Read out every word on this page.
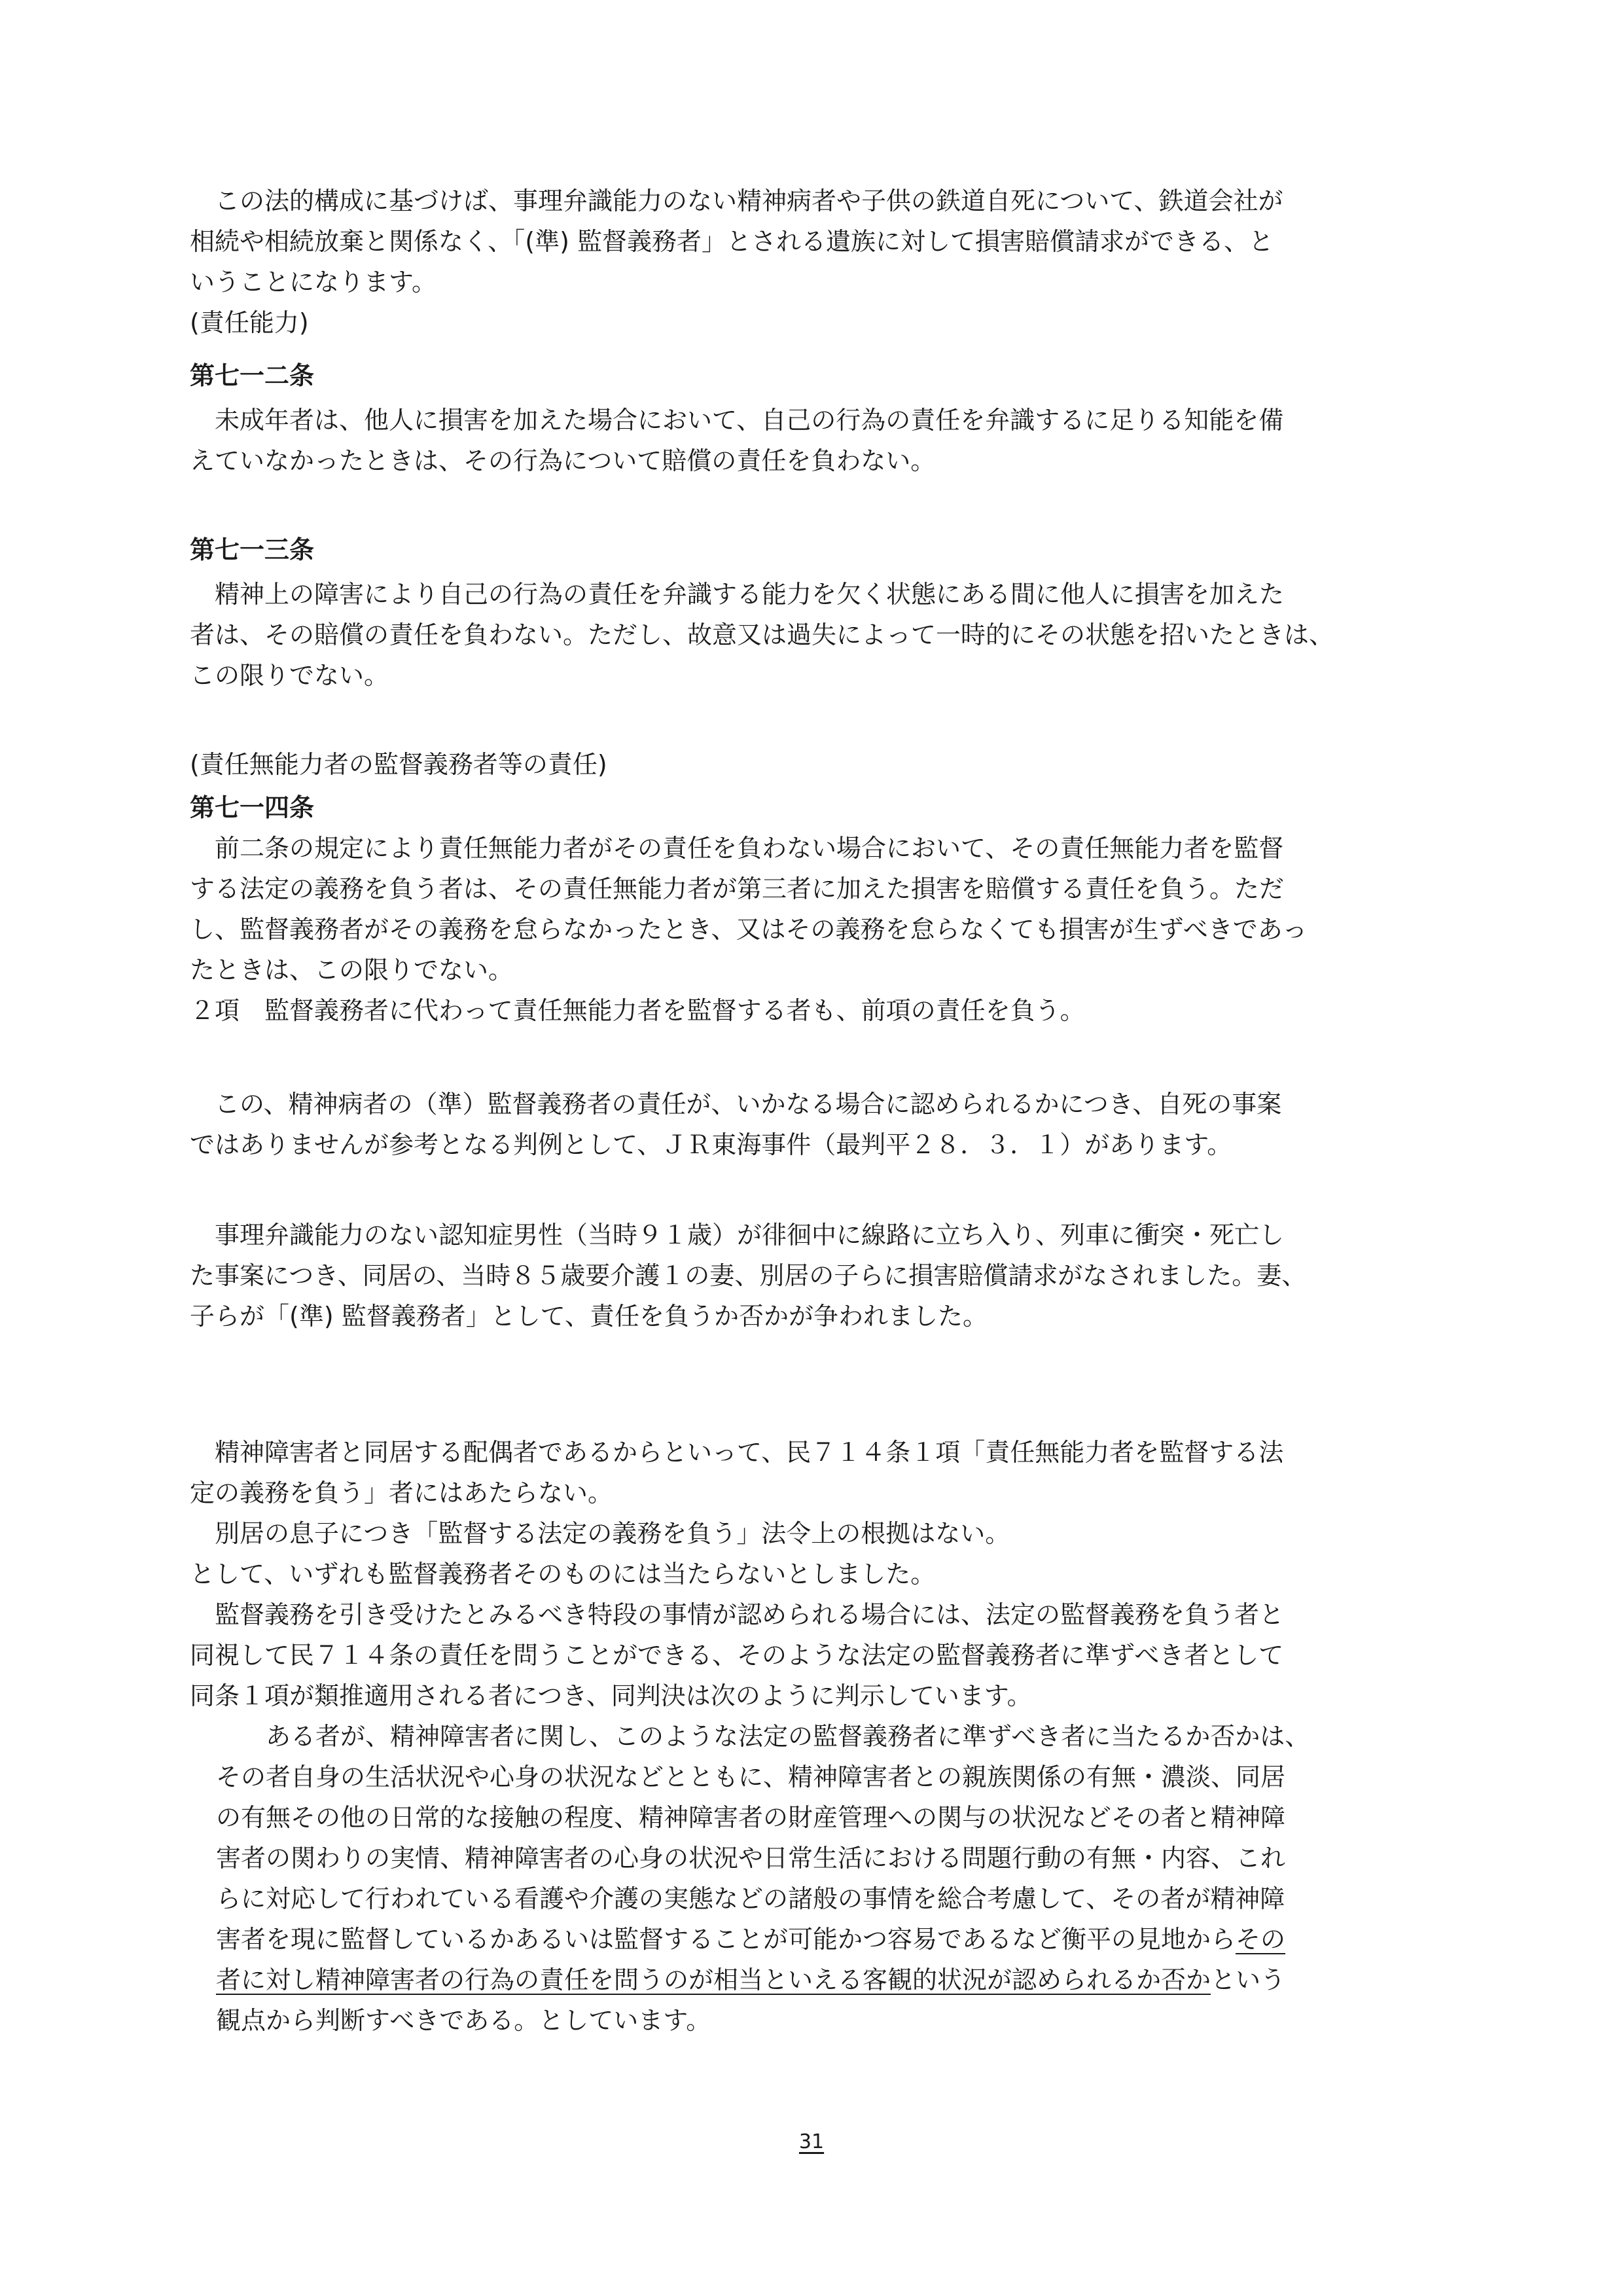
　この法的構成に基づけば、事理弁識能力のない精神病者や子供の鉄道自死について、鉄道会社が
相続や相続放棄と関係なく、「(準) 監督義務者」とされる遺族に対して損害賠償請求ができる、と
いうことになります。
(責任能力)
第七一二条
　未成年者は、他人に損害を加えた場合において、自己の行為の責任を弁識するに足りる知能を備
えていなかったときは、その行為について賠償の責任を負わない。
第七一三条
　精神上の障害により自己の行為の責任を弁識する能力を欠く状態にある間に他人に損害を加えた
者は、その賠償の責任を負わない。ただし、故意又は過失によって一時的にその状態を招いたときは、
この限りでない。
(責任無能力者の監督義務者等の責任)
第七一四条
　前二条の規定により責任無能力者がその責任を負わない場合において、その責任無能力者を監督
する法定の義務を負う者は、その責任無能力者が第三者に加えた損害を賠償する責任を負う。ただ
し、監督義務者がその義務を怠らなかったとき、又はその義務を怠らなくても損害が生ずべきであっ
たときは、この限りでない。
２項　監督義務者に代わって責任無能力者を監督する者も、前項の責任を負う。
　この、精神病者の（準）監督義務者の責任が、いかなる場合に認められるかにつき、自死の事案
ではありませんが参考となる判例として、ＪＲ東海事件（最判平２８．３．１）があります。
　事理弁識能力のない認知症男性（当時９１歳）が徘徊中に線路に立ち入り、列車に衝突・死亡し
た事案につき、同居の、当時８５歳要介護１の妻、別居の子らに損害賠償請求がなされました。妻、
子らが「(準) 監督義務者」として、責任を負うか否かが争われました。
　精神障害者と同居する配偶者であるからといって、民７１４条１項「責任無能力者を監督する法
定の義務を負う」者にはあたらない。
　別居の息子につき「監督する法定の義務を負う」法令上の根拠はない。
として、いずれも監督義務者そのものには当たらないとしました。
　監督義務を引き受けたとみるべき特段の事情が認められる場合には、法定の監督義務を負う者と
同視して民７１４条の責任を問うことができる、そのような法定の監督義務者に準ずべき者として
同条１項が類推適用される者につき、同判決は次のように判示しています。
　　ある者が、精神障害者に関し、このような法定の監督義務者に準ずべき者に当たるか否かは、
その者自身の生活状況や心身の状況などとともに、精神障害者との親族関係の有無・濃淡、同居
の有無その他の日常的な接触の程度、精神障害者の財産管理への関与の状況などその者と精神障
害者の関わりの実情、精神障害者の心身の状況や日常生活における問題行動の有無・内容、これ
らに対応して行われている看護や介護の実態などの諸般の事情を総合考慮して、その者が精神障
害者を現に監督しているかあるいは監督することが可能かつ容易であるなど衡平の見地からその
者に対し精神障害者の行為の責任を問うのが相当といえる客観的状況が認められるか否かという
観点から判断すべきである。としています。
31
